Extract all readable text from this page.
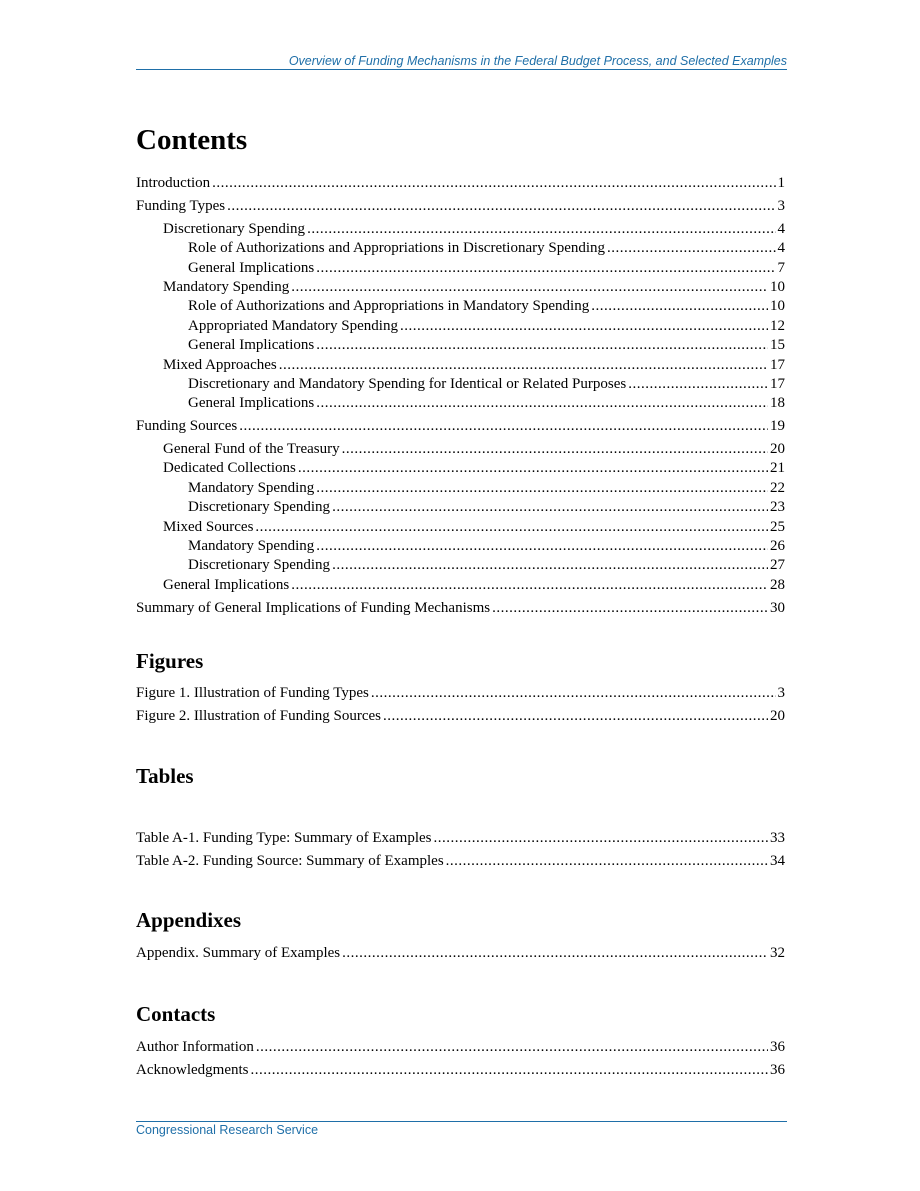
Overview of Funding Mechanisms in the Federal Budget Process, and Selected Examples
Contents
Introduction .....	1
Funding Types .....	3
Discretionary Spending .....	4
Role of Authorizations and Appropriations in Discretionary Spending .....	4
General Implications .....	7
Mandatory Spending .....	10
Role of Authorizations and Appropriations in Mandatory Spending .....	10
Appropriated Mandatory Spending .....	12
General Implications .....	15
Mixed Approaches .....	17
Discretionary and Mandatory Spending for Identical or Related Purposes .....	17
General Implications .....	18
Funding Sources .....	19
General Fund of the Treasury .....	20
Dedicated Collections .....	21
Mandatory Spending .....	22
Discretionary Spending .....	23
Mixed Sources .....	25
Mandatory Spending .....	26
Discretionary Spending .....	27
General Implications .....	28
Summary of General Implications of Funding Mechanisms .....	30
Figures
Figure 1. Illustration of Funding Types .....	3
Figure 2. Illustration of Funding Sources .....	20
Tables
Table A-1. Funding Type: Summary of Examples .....	33
Table A-2. Funding Source: Summary of Examples .....	34
Appendixes
Appendix. Summary of Examples .....	32
Contacts
Author Information .....	36
Acknowledgments .....	36
Congressional Research Service
